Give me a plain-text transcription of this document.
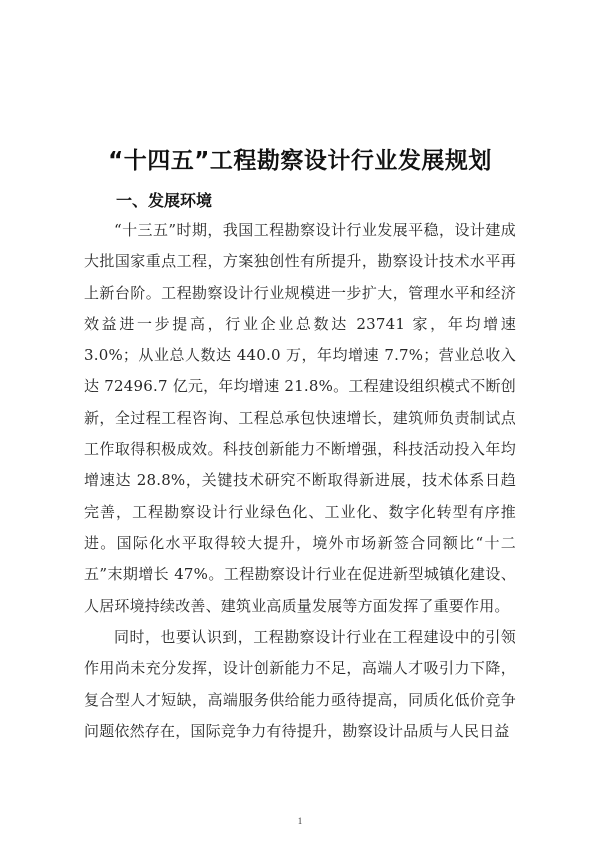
“十四五”工程勘察设计行业发展规划
一、发展环境

“十三五”时期，我国工程勘察设计行业发展平稳，设计建成大批国家重点工程，方案独创性有所提升，勘察设计技术水平再上新台阶。工程勘察设计行业规模进一步扩大，管理水平和经济效益进一步提高，行业企业总数达 23741 家，年均增速 3.0%；从业总人数达 440.0 万，年均增速 7.7%；营业总收入达 72496.7 亿元，年均增速 21.8%。工程建设组织模式不断创新，全过程工程咨询、工程总承包快速增长，建筑师负责制试点工作取得积极成效。科技创新能力不断增强，科技活动投入年均增速达 28.8%，关键技术研究不断取得新进展，技术体系日趋完善，工程勘察设计行业绿色化、工业化、数字化转型有序推进。国际化水平取得较大提升，境外市场新签合同额比“十二五”末期增长 47%。工程勘察设计行业在促进新型城镇化建设、人居环境持续改善、建筑业高质量发展等方面发挥了重要作用。

同时，也要认识到，工程勘察设计行业在工程建设中的引领作用尚未充分发挥，设计创新能力不足，高端人才吸引力下降，复合型人才短缺，高端服务供给能力亟待提高，同质化低价竞争问题依然存在，国际竞争力有待提升，勘察设计品质与人民日益

1
